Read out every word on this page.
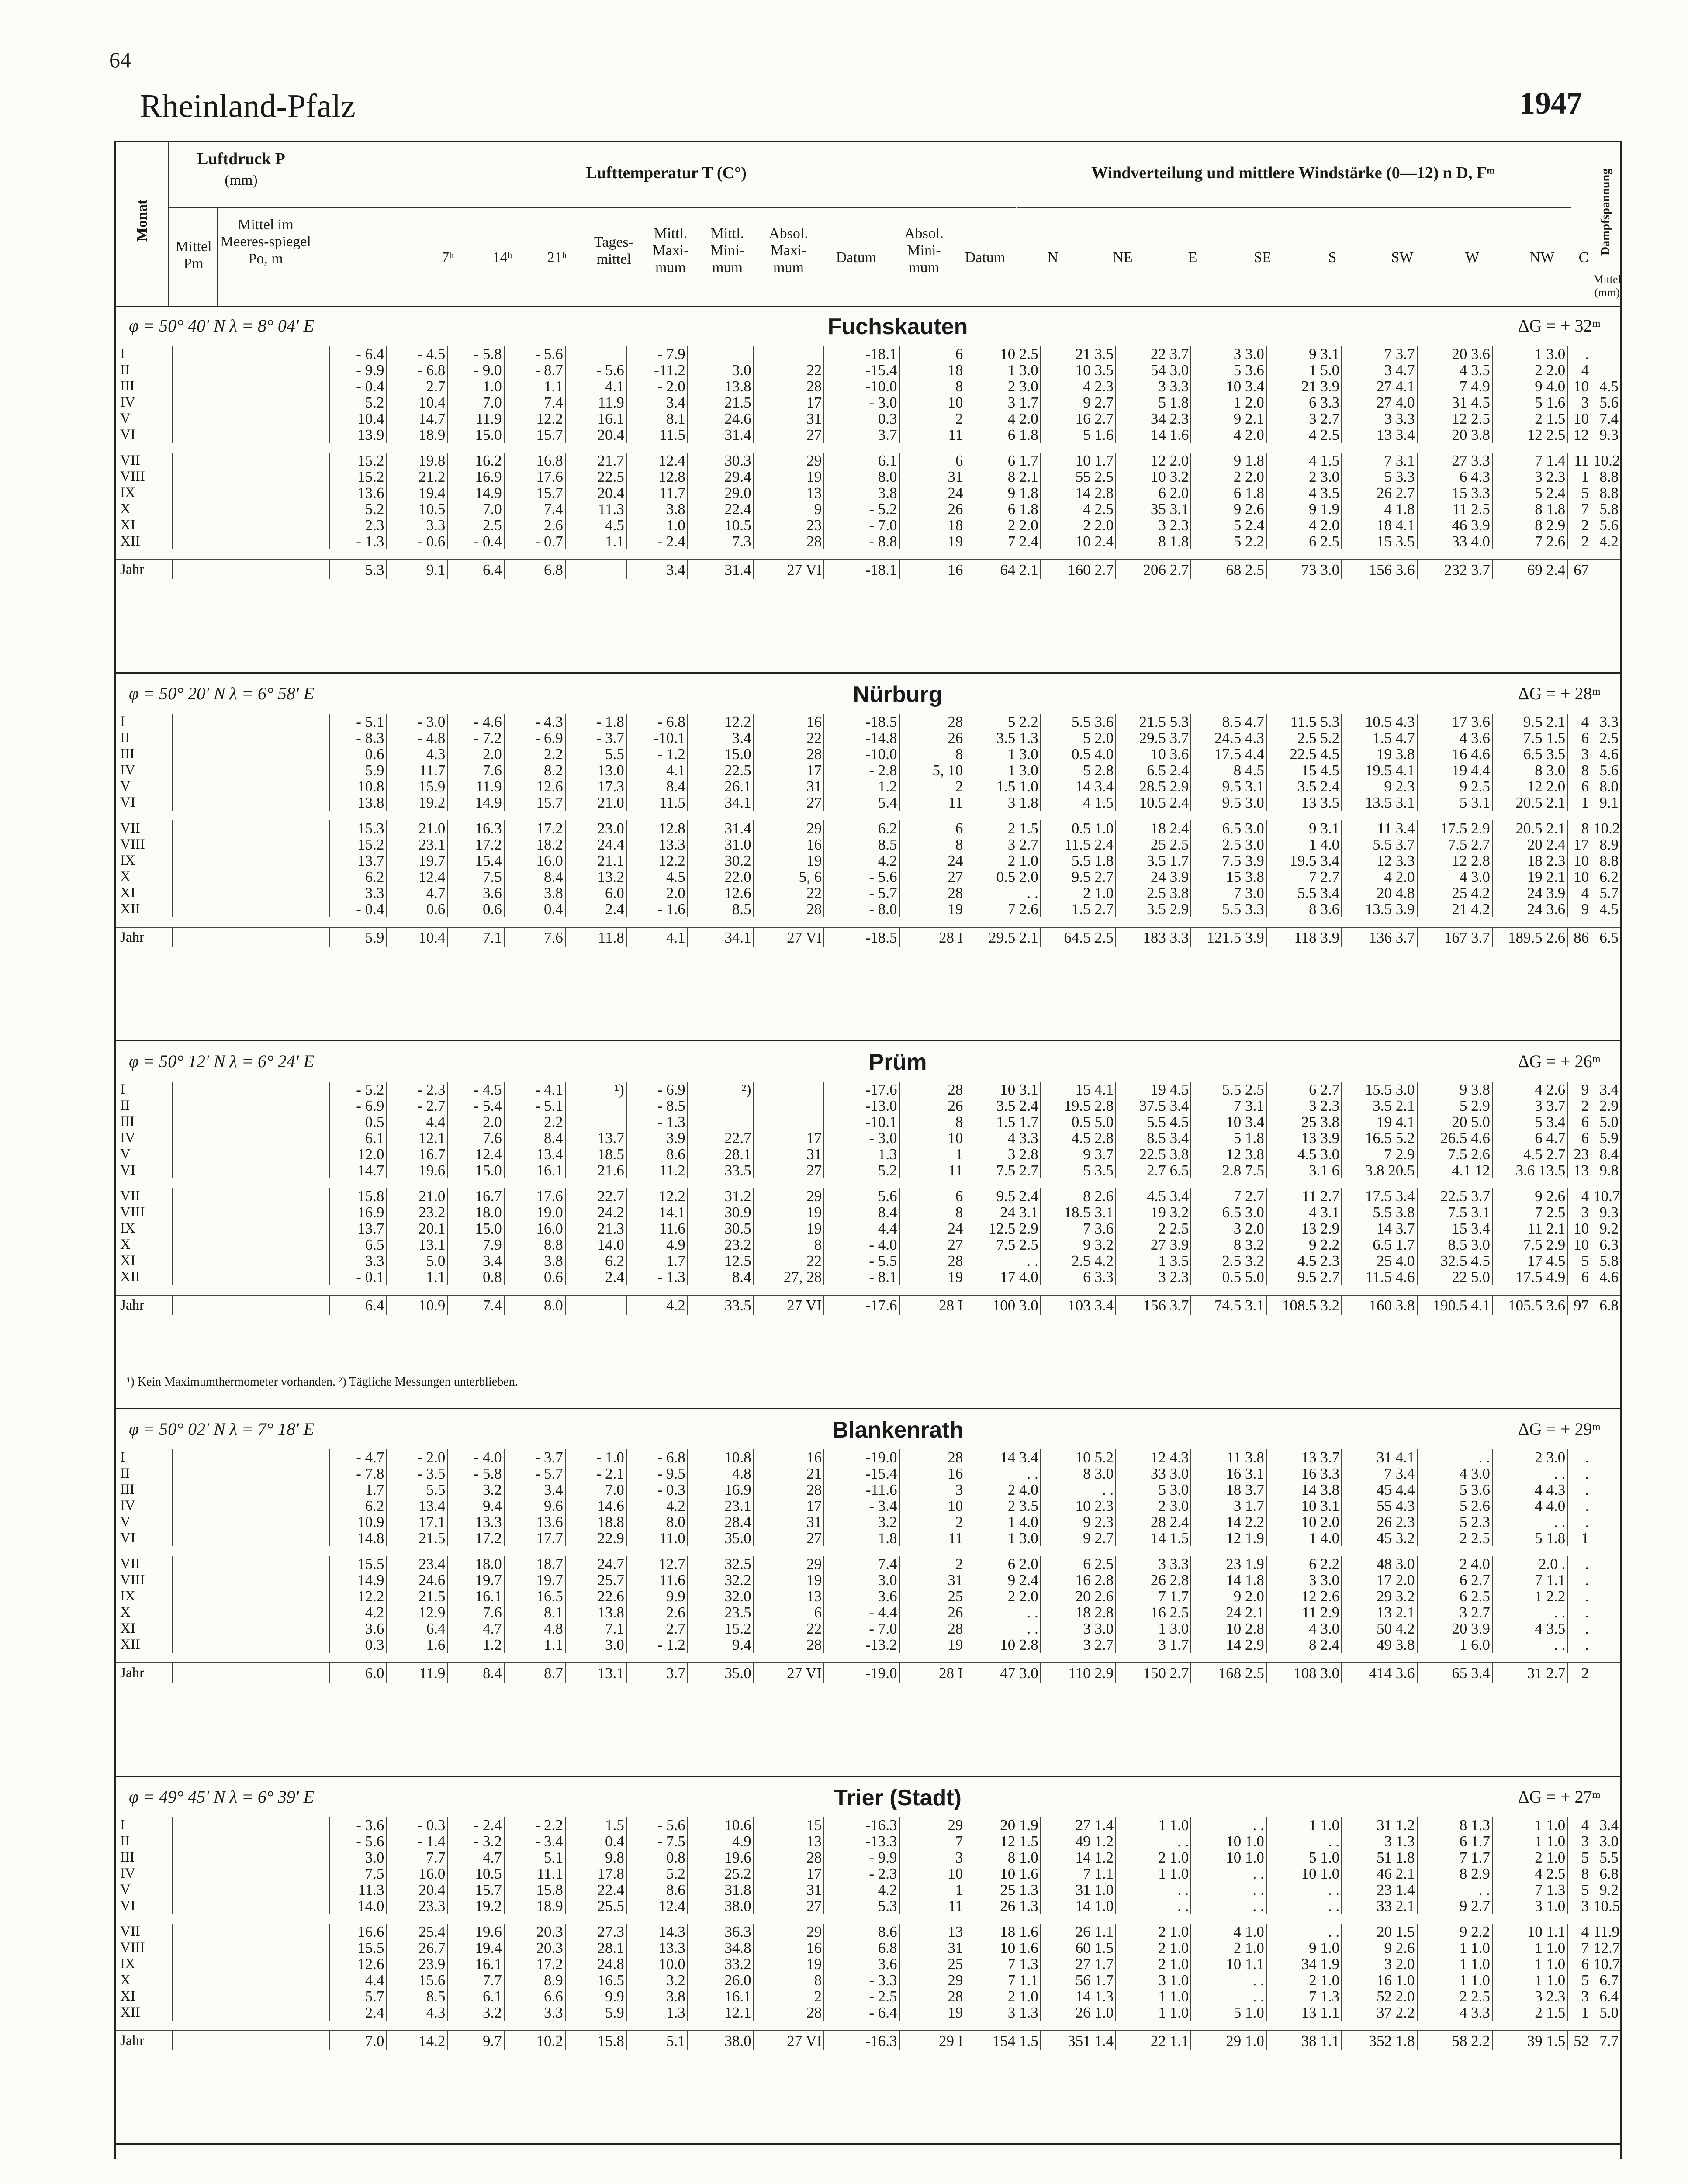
64
Rheinland-Pfalz	1947
Monat
Luftdruck P
(mm)
Mittel Pm
Mittel im Meeres-spiegel Po, m
Lufttemperatur T (C°)
7ʰ	14ʰ	21ʰ
Tages-mittel
Mittl. Maxi-mum
Mittl. Mini-mum
Absol. Maxi-mum
Datum
Absol. Mini-mum
Datum
Windverteilung und mittlere Windstärke (0—12) n D, Fᵐ
N	NE	E	SE	S	SW	W	NW	C
Dampfspannung
Mittel (mm)
φ = 50° 40′ N λ = 8° 04′ E	Fuchskauten	ΔG = + 32ᵐ
I			- 6.4	- 4.5	- 5.8	- 5.6		- 7.9			-18.1	6	10 2.5	21 3.5	22 3.7	3 3.0	9 3.1	7 3.7	20 3.6	1 3.0	.	
II			- 9.9	- 6.8	- 9.0	- 8.7	- 5.6	-11.2	3.0	22	-15.4	18	1 3.0	10 3.5	54 3.0	5 3.6	1 5.0	3 4.7	4 3.5	2 2.0	4	
III			- 0.4	2.7	1.0	1.1	4.1	- 2.0	13.8	28	-10.0	8	2 3.0	4 2.3	3 3.3	10 3.4	21 3.9	27 4.1	7 4.9	9 4.0	10	4.5
IV			5.2	10.4	7.0	7.4	11.9	3.4	21.5	17	- 3.0	10	3 1.7	9 2.7	5 1.8	1 2.0	6 3.3	27 4.0	31 4.5	5 1.6	3	5.6
V			10.4	14.7	11.9	12.2	16.1	8.1	24.6	31	0.3	2	4 2.0	16 2.7	34 2.3	9 2.1	3 2.7	3 3.3	12 2.5	2 1.5	10	7.4
VI			13.9	18.9	15.0	15.7	20.4	11.5	31.4	27	3.7	11	6 1.8	5 1.6	14 1.6	4 2.0	4 2.5	13 3.4	20 3.8	12 2.5	12	9.3

VII			15.2	19.8	16.2	16.8	21.7	12.4	30.3	29	6.1	6	6 1.7	10 1.7	12 2.0	9 1.8	4 1.5	7 3.1	27 3.3	7 1.4	11	10.2
VIII			15.2	21.2	16.9	17.6	22.5	12.8	29.4	19	8.0	31	8 2.1	55 2.5	10 3.2	2 2.0	2 3.0	5 3.3	6 4.3	3 2.3	1	8.8
IX			13.6	19.4	14.9	15.7	20.4	11.7	29.0	13	3.8	24	9 1.8	14 2.8	6 2.0	6 1.8	4 3.5	26 2.7	15 3.3	5 2.4	5	8.8
X			5.2	10.5	7.0	7.4	11.3	3.8	22.4	9	- 5.2	26	6 1.8	4 2.5	35 3.1	9 2.6	9 1.9	4 1.8	11 2.5	8 1.8	7	5.8
XI			2.3	3.3	2.5	2.6	4.5	1.0	10.5	23	- 7.0	18	2 2.0	2 2.0	3 2.3	5 2.4	4 2.0	18 4.1	46 3.9	8 2.9	2	5.6
XII			- 1.3	- 0.6	- 0.4	- 0.7	1.1	- 2.4	7.3	28	- 8.8	19	7 2.4	10 2.4	8 1.8	5 2.2	6 2.5	15 3.5	33 4.0	7 2.6	2	4.2

Jahr			5.3	9.1	6.4	6.8		3.4	31.4	27 VI	-18.1	16	64 2.1	160 2.7	206 2.7	68 2.5	73 3.0	156 3.6	232 3.7	69 2.4	67	
φ = 50° 20′ N λ = 6° 58′ E	Nürburg	ΔG = + 28ᵐ
I			- 5.1	- 3.0	- 4.6	- 4.3	- 1.8	- 6.8	12.2	16	-18.5	28	5 2.2	5.5 3.6	21.5 5.3	8.5 4.7	11.5 5.3	10.5 4.3	17 3.6	9.5 2.1	4	3.3
II			- 8.3	- 4.8	- 7.2	- 6.9	- 3.7	-10.1	3.4	22	-14.8	26	3.5 1.3	5 2.0	29.5 3.7	24.5 4.3	2.5 5.2	1.5 4.7	4 3.6	7.5 1.5	6	2.5
III			0.6	4.3	2.0	2.2	5.5	- 1.2	15.0	28	-10.0	8	1 3.0	0.5 4.0	10 3.6	17.5 4.4	22.5 4.5	19 3.8	16 4.6	6.5 3.5	3	4.6
IV			5.9	11.7	7.6	8.2	13.0	4.1	22.5	17	- 2.8	5, 10	1 3.0	5 2.8	6.5 2.4	8 4.5	15 4.5	19.5 4.1	19 4.4	8 3.0	8	5.6
V			10.8	15.9	11.9	12.6	17.3	8.4	26.1	31	1.2	2	1.5 1.0	14 3.4	28.5 2.9	9.5 3.1	3.5 2.4	9 2.3	9 2.5	12 2.0	6	8.0
VI			13.8	19.2	14.9	15.7	21.0	11.5	34.1	27	5.4	11	3 1.8	4 1.5	10.5 2.4	9.5 3.0	13 3.5	13.5 3.1	5 3.1	20.5 2.1	1	9.1

VII			15.3	21.0	16.3	17.2	23.0	12.8	31.4	29	6.2	6	2 1.5	0.5 1.0	18 2.4	6.5 3.0	9 3.1	11 3.4	17.5 2.9	20.5 2.1	8	10.2
VIII			15.2	23.1	17.2	18.2	24.4	13.3	31.0	16	8.5	8	3 2.7	11.5 2.4	25 2.5	2.5 3.0	1 4.0	5.5 3.7	7.5 2.7	20 2.4	17	8.9
IX			13.7	19.7	15.4	16.0	21.1	12.2	30.2	19	4.2	24	2 1.0	5.5 1.8	3.5 1.7	7.5 3.9	19.5 3.4	12 3.3	12 2.8	18 2.3	10	8.8
X			6.2	12.4	7.5	8.4	13.2	4.5	22.0	5, 6	- 5.6	27	0.5 2.0	9.5 2.7	24 3.9	15 3.8	7 2.7	4 2.0	4 3.0	19 2.1	10	6.2
XI			3.3	4.7	3.6	3.8	6.0	2.0	12.6	22	- 5.7	28	. .	2 1.0	2.5 3.8	7 3.0	5.5 3.4	20 4.8	25 4.2	24 3.9	4	5.7
XII			- 0.4	0.6	0.6	0.4	2.4	- 1.6	8.5	28	- 8.0	19	7 2.6	1.5 2.7	3.5 2.9	5.5 3.3	8 3.6	13.5 3.9	21 4.2	24 3.6	9	4.5

Jahr			5.9	10.4	7.1	7.6	11.8	4.1	34.1	27 VI	-18.5	28 I	29.5 2.1	64.5 2.5	183 3.3	121.5 3.9	118 3.9	136 3.7	167 3.7	189.5 2.6	86	6.5
φ = 50° 12′ N λ = 6° 24′ E	Prüm	ΔG = + 26ᵐ
I			- 5.2	- 2.3	- 4.5	- 4.1	¹)	- 6.9	²)		-17.6	28	10 3.1	15 4.1	19 4.5	5.5 2.5	6 2.7	15.5 3.0	9 3.8	4 2.6	9	3.4
II			- 6.9	- 2.7	- 5.4	- 5.1		- 8.5			-13.0	26	3.5 2.4	19.5 2.8	37.5 3.4	7 3.1	3 2.3	3.5 2.1	5 2.9	3 3.7	2	2.9
III			0.5	4.4	2.0	2.2		- 1.3			-10.1	8	1.5 1.7	0.5 5.0	5.5 4.5	10 3.4	25 3.8	19 4.1	20 5.0	5 3.4	6	5.0
IV			6.1	12.1	7.6	8.4	13.7	3.9	22.7	17	- 3.0	10	4 3.3	4.5 2.8	8.5 3.4	5 1.8	13 3.9	16.5 5.2	26.5 4.6	6 4.7	6	5.9
V			12.0	16.7	12.4	13.4	18.5	8.6	28.1	31	1.3	1	3 2.8	9 3.7	22.5 3.8	12 3.8	4.5 3.0	7 2.9	7.5 2.6	4.5 2.7	23	8.4
VI			14.7	19.6	15.0	16.1	21.6	11.2	33.5	27	5.2	11	7.5 2.7	5 3.5	2.7 6.5	2.8 7.5	3.1 6	3.8 20.5	4.1 12	3.6 13.5	13	9.8

VII			15.8	21.0	16.7	17.6	22.7	12.2	31.2	29	5.6	6	9.5 2.4	8 2.6	4.5 3.4	7 2.7	11 2.7	17.5 3.4	22.5 3.7	9 2.6	4	10.7
VIII			16.9	23.2	18.0	19.0	24.2	14.1	30.9	19	8.4	8	24 3.1	18.5 3.1	19 3.2	6.5 3.0	4 3.1	5.5 3.8	7.5 3.1	7 2.5	3	9.3
IX			13.7	20.1	15.0	16.0	21.3	11.6	30.5	19	4.4	24	12.5 2.9	7 3.6	2 2.5	3 2.0	13 2.9	14 3.7	15 3.4	11 2.1	10	9.2
X			6.5	13.1	7.9	8.8	14.0	4.9	23.2	8	- 4.0	27	7.5 2.5	9 3.2	27 3.9	8 3.2	9 2.2	6.5 1.7	8.5 3.0	7.5 2.9	10	6.3
XI			3.3	5.0	3.4	3.8	6.2	1.7	12.5	22	- 5.5	28	. .	2.5 4.2	1 3.5	2.5 3.2	4.5 2.3	25 4.0	32.5 4.5	17 4.5	5	5.8
XII			- 0.1	1.1	0.8	0.6	2.4	- 1.3	8.4	27, 28	- 8.1	19	17 4.0	6 3.3	3 2.3	0.5 5.0	9.5 2.7	11.5 4.6	22 5.0	17.5 4.9	6	4.6

Jahr			6.4	10.9	7.4	8.0		4.2	33.5	27 VI	-17.6	28 I	100 3.0	103 3.4	156 3.7	74.5 3.1	108.5 3.2	160 3.8	190.5 4.1	105.5 3.6	97	6.8
φ = 50° 02′ N λ = 7° 18′ E	Blankenrath	ΔG = + 29ᵐ
I			- 4.7	- 2.0	- 4.0	- 3.7	- 1.0	- 6.8	10.8	16	-19.0	28	14 3.4	10 5.2	12 4.3	11 3.8	13 3.7	31 4.1	. .	2 3.0	.	
II			- 7.8	- 3.5	- 5.8	- 5.7	- 2.1	- 9.5	4.8	21	-15.4	16	. .	8 3.0	33 3.0	16 3.1	16 3.3	7 3.4	4 3.0	. .	.	
III			1.7	5.5	3.2	3.4	7.0	- 0.3	16.9	28	-11.6	3	2 4.0	. .	5 3.0	18 3.7	14 3.8	45 4.4	5 3.6	4 4.3	.	
IV			6.2	13.4	9.4	9.6	14.6	4.2	23.1	17	- 3.4	10	2 3.5	10 2.3	2 3.0	3 1.7	10 3.1	55 4.3	5 2.6	4 4.0	.	
V			10.9	17.1	13.3	13.6	18.8	8.0	28.4	31	3.2	2	1 4.0	9 2.3	28 2.4	14 2.2	10 2.0	26 2.3	5 2.3	. .	.	
VI			14.8	21.5	17.2	17.7	22.9	11.0	35.0	27	1.8	11	1 3.0	9 2.7	14 1.5	12 1.9	1 4.0	45 3.2	2 2.5	5 1.8	1	

VII			15.5	23.4	18.0	18.7	24.7	12.7	32.5	29	7.4	2	6 2.0	6 2.5	3 3.3	23 1.9	6 2.2	48 3.0	2 4.0	2.0 .	.	
VIII			14.9	24.6	19.7	19.7	25.7	11.6	32.2	19	3.0	31	9 2.4	16 2.8	26 2.8	14 1.8	3 3.0	17 2.0	6 2.7	7 1.1	.	
IX			12.2	21.5	16.1	16.5	22.6	9.9	32.0	13	3.6	25	2 2.0	20 2.6	7 1.7	9 2.0	12 2.6	29 3.2	6 2.5	1 2.2	.	
X			4.2	12.9	7.6	8.1	13.8	2.6	23.5	6	- 4.4	26	. .	18 2.8	16 2.5	24 2.1	11 2.9	13 2.1	3 2.7	. .	.	
XI			3.6	6.4	4.7	4.8	7.1	2.7	15.2	22	- 7.0	28	. .	3 3.0	1 3.0	10 2.8	4 3.0	50 4.2	20 3.9	4 3.5	.	
XII			0.3	1.6	1.2	1.1	3.0	- 1.2	9.4	28	-13.2	19	10 2.8	3 2.7	3 1.7	14 2.9	8 2.4	49 3.8	1 6.0	. .	.	

Jahr			6.0	11.9	8.4	8.7	13.1	3.7	35.0	27 VI	-19.0	28 I	47 3.0	110 2.9	150 2.7	168 2.5	108 3.0	414 3.6	65 3.4	31 2.7	2	
φ = 49° 45′ N λ = 6° 39′ E	Trier (Stadt)	ΔG = + 27ᵐ
I			- 3.6	- 0.3	- 2.4	- 2.2	1.5	- 5.6	10.6	15	-16.3	29	20 1.9	27 1.4	1 1.0	. .	1 1.0	31 1.2	8 1.3	1 1.0	4	3.4
II			- 5.6	- 1.4	- 3.2	- 3.4	0.4	- 7.5	4.9	13	-13.3	7	12 1.5	49 1.2	. .	10 1.0	. .	3 1.3	6 1.7	1 1.0	3	3.0
III			3.0	7.7	4.7	5.1	9.8	0.8	19.6	28	- 9.9	3	8 1.0	14 1.2	2 1.0	10 1.0	5 1.0	51 1.8	7 1.7	2 1.0	5	5.5
IV			7.5	16.0	10.5	11.1	17.8	5.2	25.2	17	- 2.3	10	10 1.6	7 1.1	1 1.0	. .	10 1.0	46 2.1	8 2.9	4 2.5	8	6.8
V			11.3	20.4	15.7	15.8	22.4	8.6	31.8	31	4.2	1	25 1.3	31 1.0	. .	. .	. .	23 1.4	. .	7 1.3	5	9.2
VI			14.0	23.3	19.2	18.9	25.5	12.4	38.0	27	5.3	11	26 1.3	14 1.0	. .	. .	. .	33 2.1	9 2.7	3 1.0	3	10.5

VII			16.6	25.4	19.6	20.3	27.3	14.3	36.3	29	8.6	13	18 1.6	26 1.1	2 1.0	4 1.0	. .	20 1.5	9 2.2	10 1.1	4	11.9
VIII			15.5	26.7	19.4	20.3	28.1	13.3	34.8	16	6.8	31	10 1.6	60 1.5	2 1.0	2 1.0	9 1.0	9 2.6	1 1.0	1 1.0	7	12.7
IX			12.6	23.9	16.1	17.2	24.8	10.0	33.2	19	3.6	25	7 1.3	27 1.7	2 1.0	10 1.1	34 1.9	3 2.0	1 1.0	1 1.0	6	10.7
X			4.4	15.6	7.7	8.9	16.5	3.2	26.0	8	- 3.3	29	7 1.1	56 1.7	3 1.0	. .	2 1.0	16 1.0	1 1.0	1 1.0	5	6.7
XI			5.7	8.5	6.1	6.6	9.9	3.8	16.1	2	- 2.5	28	2 1.0	14 1.3	1 1.0	. .	7 1.3	52 2.0	2 2.5	3 2.3	3	6.4
XII			2.4	4.3	3.2	3.3	5.9	1.3	12.1	28	- 6.4	19	3 1.3	26 1.0	1 1.0	5 1.0	13 1.1	37 2.2	4 3.3	2 1.5	1	5.0

Jahr			7.0	14.2	9.7	10.2	15.8	5.1	38.0	27 VI	-16.3	29 I	154 1.5	351 1.4	22 1.1	29 1.0	38 1.1	352 1.8	58 2.2	39 1.5	52	7.7
¹) Kein Maximumthermometer vorhanden. ²) Tägliche Messungen unterblieben.
